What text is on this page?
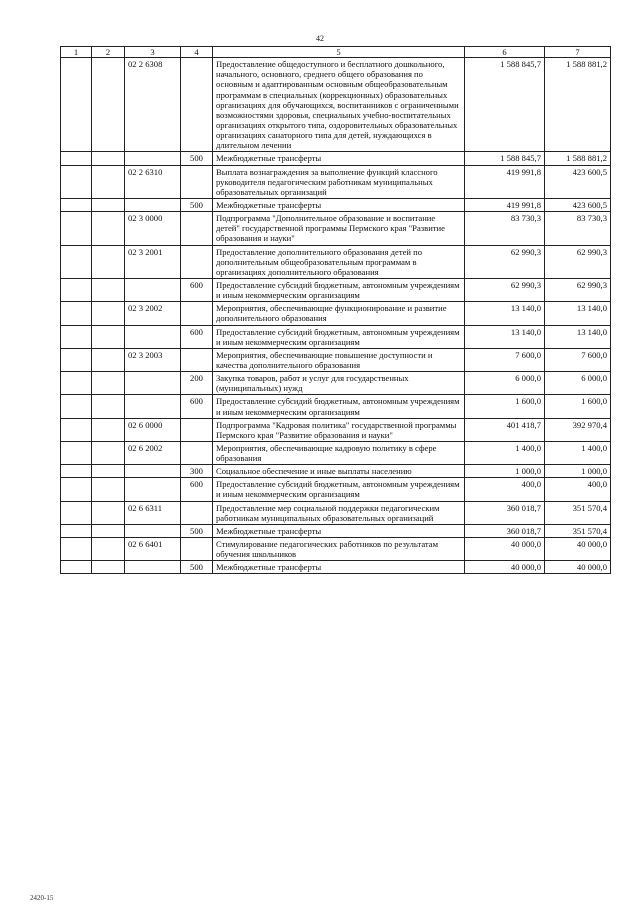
42
1	2	3	4	5	6	7
		02 2 6308		Предоставление общедоступного и бесплатного дошкольного, начального, основного, среднего общего образования по основным и адаптированным основным общеобразовательным программам в специальных (коррекционных) образовательных организациях для обучающихся, воспитанников с ограниченными возможностями здоровья, специальных учебно-воспитательных организациях открытого типа, оздоровительных образовательных организациях санаторного типа для детей, нуждающихся в длительном лечении	1 588 845,7	1 588 881,2
			500	Межбюджетные трансферты	1 588 845,7	1 588 881,2
		02 2 6310		Выплата вознаграждения за выполнение функций классного руководителя педагогическим работникам муниципальных образовательных организаций	419 991,8	423 600,5
			500	Межбюджетные трансферты	419 991,8	423 600,5
		02 3 0000		Подпрограмма "Дополнительное образование и воспитание детей" государственной программы Пермского края "Развитие образования и науки"	83 730,3	83 730,3
		02 3 2001		Предоставление дополнительного образования детей по дополнительным общеобразовательным программам в организациях дополнительного образования	62 990,3	62 990,3
			600	Предоставление субсидий бюджетным, автономным учреждениям и иным некоммерческим организациям	62 990,3	62 990,3
		02 3 2002		Мероприятия, обеспечивающие функционирование и развитие дополнительного образования	13 140,0	13 140,0
			600	Предоставление субсидий бюджетным, автономным учреждениям и иным некоммерческим организациям	13 140,0	13 140,0
		02 3 2003		Мероприятия, обеспечивающие повышение доступности и качества дополнительного образования	7 600,0	7 600,0
			200	Закупка товаров, работ и услуг для государственных (муниципальных) нужд	6 000,0	6 000,0
			600	Предоставление субсидий бюджетным, автономным учреждениям и иным некоммерческим организациям	1 600,0	1 600,0
		02 6 0000		Подпрограмма "Кадровая политика" государственной программы Пермского края "Развитие образования и науки"	401 418,7	392 970,4
		02 6 2002		Мероприятия, обеспечивающие кадровую политику в сфере образования	1 400,0	1 400,0
			300	Социальное обеспечение и иные выплаты населению	1 000,0	1 000,0
			600	Предоставление субсидий бюджетным, автономным учреждениям и иным некоммерческим организациям	400,0	400,0
		02 6 6311		Предоставление мер социальной поддержки педагогическим работникам муниципальных образовательных организаций	360 018,7	351 570,4
			500	Межбюджетные трансферты	360 018,7	351 570,4
		02 6 6401		Стимулирование педагогических работников по результатам обучения школьников	40 000,0	40 000,0
			500	Межбюджетные трансферты	40 000,0	40 000,0
2420-15
